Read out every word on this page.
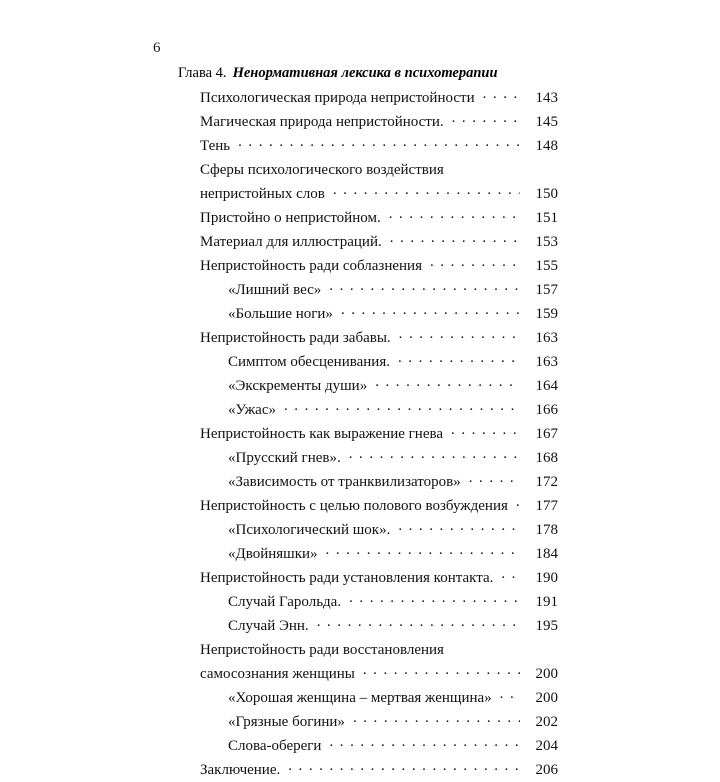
6
Глава 4. Ненормативная лексика в психотерапии
Психологическая природа непристойности . . .	143
Магическая природа непристойности. . . .	145
Тень . . .	148
Сферы психологического воздействия
непристойных слов . . .	150
Пристойно о непристойном. . . .	151
Материал для иллюстраций. . . .	153
Непристойность ради соблазнения . . .	155
«Лишний вес» . . .	157
«Большие ноги» . . .	159
Непристойность ради забавы. . . .	163
Симптом обесценивания. . . .	163
«Экскременты души» . . .	164
«Ужас» . . .	166
Непристойность как выражение гнева . . .	167
«Прусский гнев». . . .	168
«Зависимость от транквилизаторов» . . .	172
Непристойность с целью полового возбуждения . . .	177
«Психологический шок». . . .	178
«Двойняшки» . . .	184
Непристойность ради установления контакта. . . .	190
Случай Гарольда. . . .	191
Случай Энн. . . .	195
Непристойность ради восстановления
самосознания женщины . . .	200
«Хорошая женщина – мертвая женщина» . . .	200
«Грязные богини» . . .	202
Слова-обереги . . .	204
Заключение. . . .	206
